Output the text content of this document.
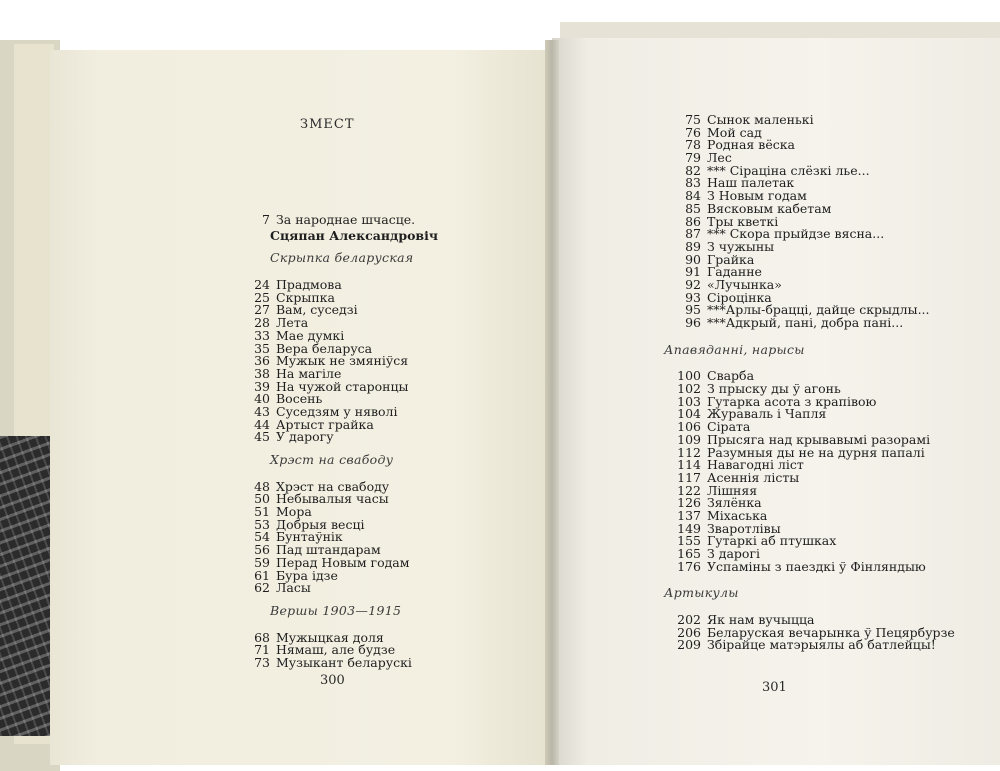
ЗМЕСТ
7 За народнае шчасце.
Сцяпан Александровіч
Скрыпка беларуская
24 Прадмова
25 Скрыпка
27 Вам, суседзі
28 Лета
33 Мае думкі
35 Вера беларуса
36 Мужык не змяніўся
38 На магіле
39 На чужой старонцы
40 Восень
43 Суседзям у няволі
44 Артыст грайка
45 У дарогу
Хрэст на свабоду
48 Хрэст на свабоду
50 Небывалыя часы
51 Мора
53 Добрыя весці
54 Бунтаўнік
56 Пад штандарам
59 Перад Новым годам
61 Бура ідзе
62 Ласы
Вершы 1903—1915
68 Мужыцкая доля
71 Нямаш, але будзе
73 Музыкант беларускі
300
75 Сынок маленькі
76 Мой сад
78 Родная вёска
79 Лес
82 *** Сіраціна слёзкі лье...
83 Наш палетак
84 З Новым годам
85 Вясковым кабетам
86 Тры кветкі
87 *** Скора прыйдзе вясна...
89 З чужыны
90 Грайка
91 Гаданне
92 «Лучынка»
93 Сіроцінка
95 ***Арлы-брацці, дайце скрыдлы...
96 ***Адкрый, пані, добра пані...
Апавяданні, нарысы
100 Сварба
102 З прыску ды ў агонь
103 Гутарка асота з крапівою
104 Жураваль і Чапля
106 Сірата
109 Прысяга над крывавымі разорамі
112 Разумныя ды не на дурня папалі
114 Навагодні ліст
117 Асеннія лісты
122 Лішняя
126 Зялёнка
137 Міхаська
149 Зваротлівы
155 Гутаркі аб птушках
165 З дарогі
176 Успаміны з паездкі ў Фінляндыю
Артыкулы
202 Як нам вучыцца
206 Беларуская вечарынка ў Пецярбурзе
209 Збірайце матэрыялы аб батлейцы!
301
